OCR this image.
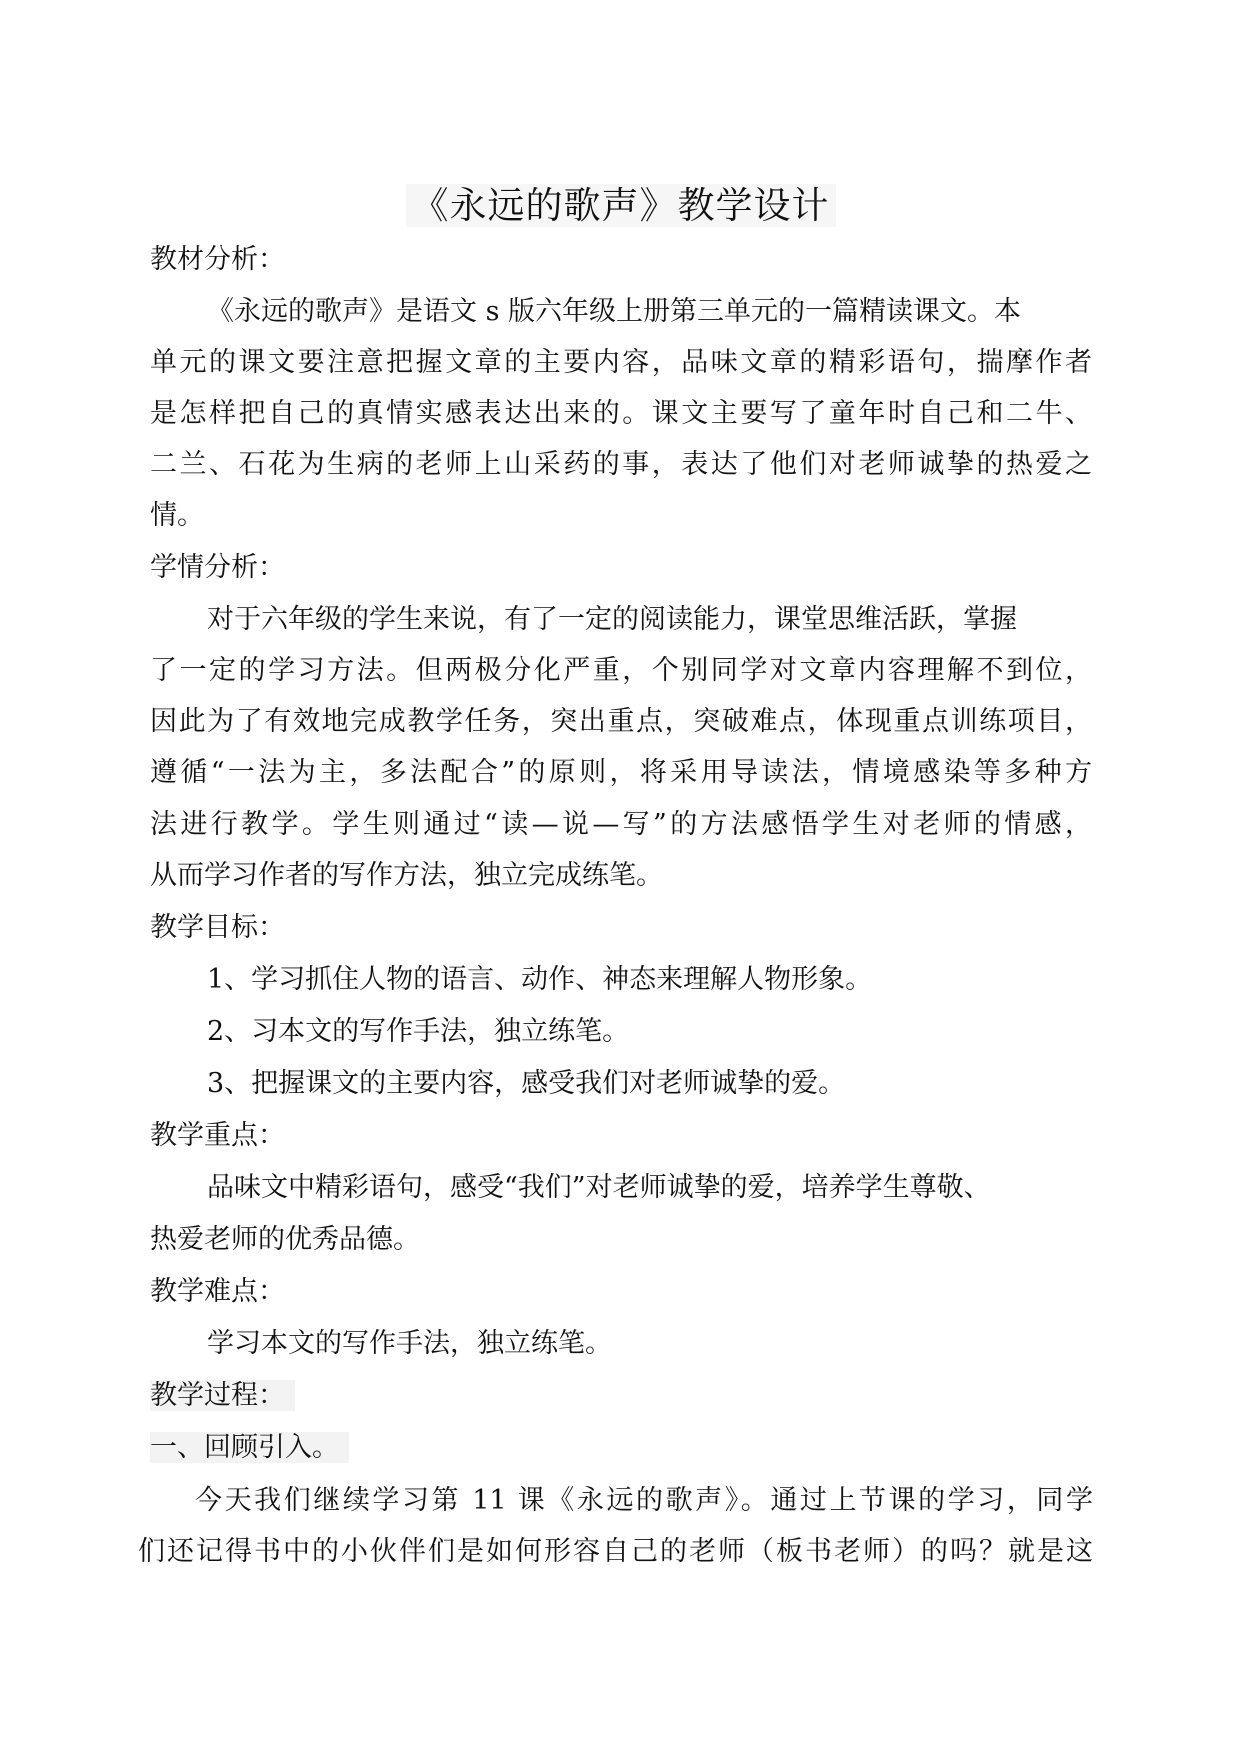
《永远的歌声》教学设计
教材分析：
《永远的歌声》是语文 s 版六年级上册第三单元的一篇精读课文。本
单元的课文要注意把握文章的主要内容，品味文章的精彩语句，揣摩作者
是怎样把自己的真情实感表达出来的。课文主要写了童年时自己和二牛、
二兰、石花为生病的老师上山采药的事，表达了他们对老师诚挚的热爱之
情。
学情分析：
对于六年级的学生来说，有了一定的阅读能力，课堂思维活跃，掌握
了一定的学习方法。但两极分化严重，个别同学对文章内容理解不到位，
因此为了有效地完成教学任务，突出重点，突破难点，体现重点训练项目，
遵循“一法为主，多法配合”的原则，将采用导读法，情境感染等多种方
法进行教学。学生则通过“读—说—写”的方法感悟学生对老师的情感，
从而学习作者的写作方法，独立完成练笔。
教学目标：
1、学习抓住人物的语言、动作、神态来理解人物形象。
2、习本文的写作手法，独立练笔。
3、把握课文的主要内容，感受我们对老师诚挚的爱。
教学重点：
品味文中精彩语句，感受“我们”对老师诚挚的爱，培养学生尊敬、
热爱老师的优秀品德。
教学难点：
学习本文的写作手法，独立练笔。
教学过程：
一、回顾引入。
今天我们继续学习第 11 课《永远的歌声》。通过上节课的学习，同学
们还记得书中的小伙伴们是如何形容自己的老师（板书老师）的吗？就是这
